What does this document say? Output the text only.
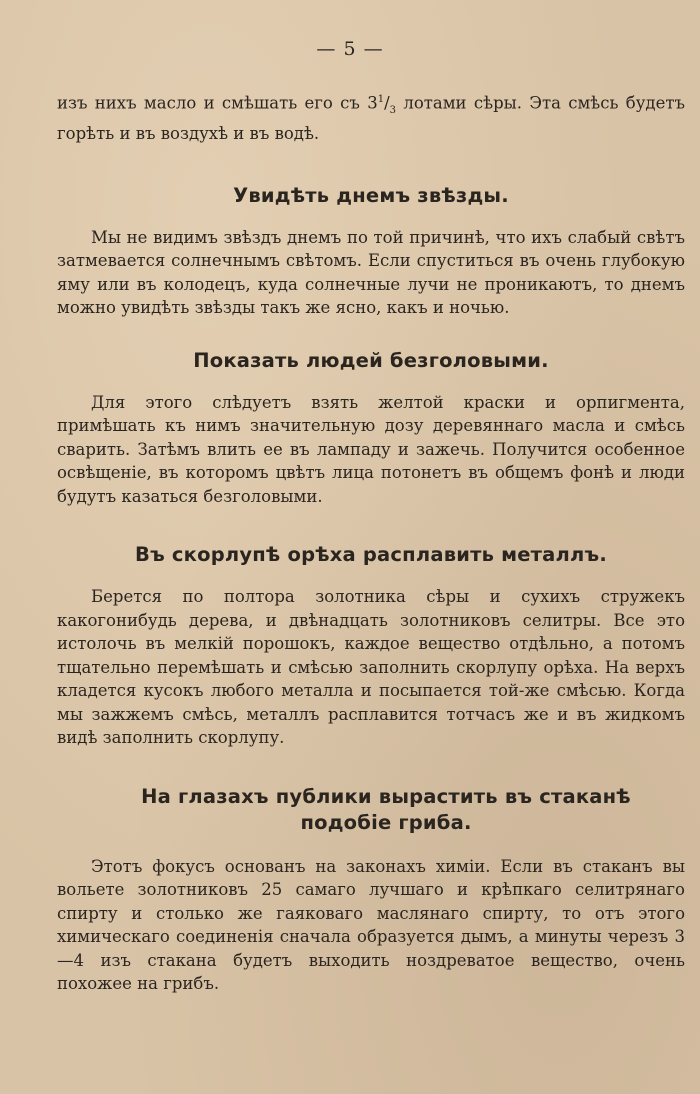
— 5 —

изъ нихъ масло и смѣшать его съ $3^1/_3$ лотами сѣры. Эта смѣсь будетъ горѣть и въ воздухѣ и въ водѣ.

Увидѣть днемъ звѣзды.

Мы не видимъ звѣздъ днемъ по той причинѣ, что ихъ слабый свѣтъ затмевается солнечнымъ свѣтомъ. Если спуститься въ очень глубокую яму или въ колодецъ, куда солнечные лучи не проникаютъ, то днемъ можно увидѣть звѣзды такъ же ясно, какъ и ночью.

Показать людей безголовыми.

Для этого слѣдуетъ взять желтой краски и орпигмента, примѣшать къ нимъ значительную дозу деревяннаго масла и смѣсь сварить. Затѣмъ влить ее въ лампаду и зажечь. Получится особенное освѣщеніе, въ которомъ цвѣтъ лица потонетъ въ общемъ фонѣ и люди будутъ казаться безголовыми.

Въ скорлупѣ орѣха расплавить металлъ.

Берется по полтора золотника сѣры и сухихъ стружекъ какогонибудь дерева, и двѣнадцать золотниковъ селитры. Все это истолочь въ мелкій порошокъ, каждое вещество отдѣльно, а потомъ тщательно перемѣшать и смѣсью заполнить скорлупу орѣха. На верхъ кладется кусокъ любого металла и посыпается той-же смѣсью. Когда мы зажжемъ смѣсь, металлъ расплавится тотчасъ же и въ жидкомъ видѣ заполнить скорлупу.

На глазахъ публики вырастить въ стаканѣ подобіе гриба.

Этотъ фокусъ основанъ на законахъ химіи. Если въ стаканъ вы вольете золотниковъ 25 самаго лучшаго и крѣпкаго селитрянаго спирту и столько же гаяковаго маслянаго спирту, то отъ этого химическаго соединенія сначала образуется дымъ, а минуты черезъ 3—4 изъ стакана будетъ выходить ноздреватое вещество, очень похожее на грибъ.
